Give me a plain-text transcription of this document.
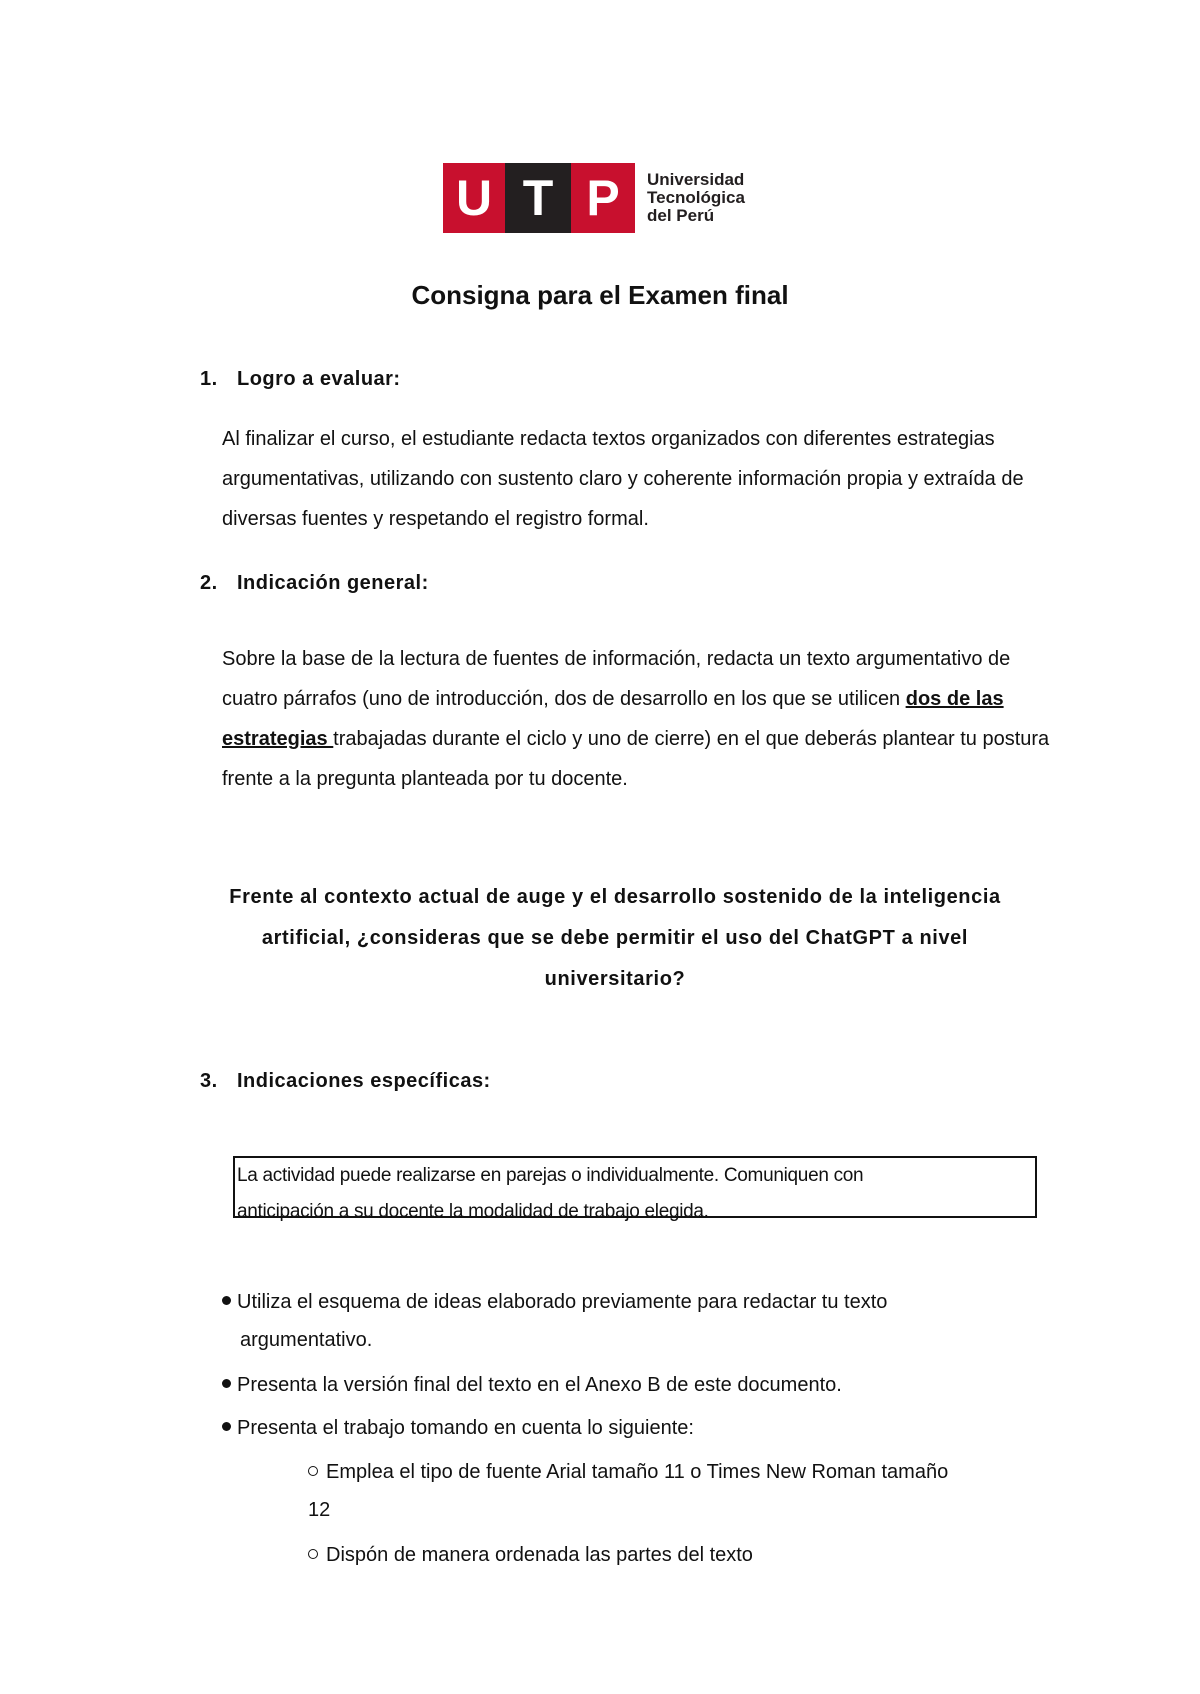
U T P	Universidad
Tecnológica
del Perú
Consigna para el Examen final
1. Logro a evaluar:
Al finalizar el curso, el estudiante redacta textos organizados con diferentes estrategias argumentativas, utilizando con sustento claro y coherente información propia y extraída de diversas fuentes y respetando el registro formal.
2. Indicación general:
Sobre la base de la lectura de fuentes de información, redacta un texto argumentativo de cuatro párrafos (uno de introducción, dos de desarrollo en los que se utilicen dos de las estrategias trabajadas durante el ciclo y uno de cierre) en el que deberás plantear tu postura frente a la pregunta planteada por tu docente.
Frente al contexto actual de auge y el desarrollo sostenido de la inteligencia artificial, ¿consideras que se debe permitir el uso del ChatGPT a nivel universitario?
3. Indicaciones específicas:
La actividad puede realizarse en parejas o individualmente. Comuniquen con
anticipación a su docente la modalidad de trabajo elegida.
Utiliza el esquema de ideas elaborado previamente para redactar tu texto
argumentativo.
Presenta la versión final del texto en el Anexo B de este documento.
Presenta el trabajo tomando en cuenta lo siguiente:
Emplea el tipo de fuente Arial tamaño 11 o Times New Roman tamaño
12
Dispón de manera ordenada las partes del texto
